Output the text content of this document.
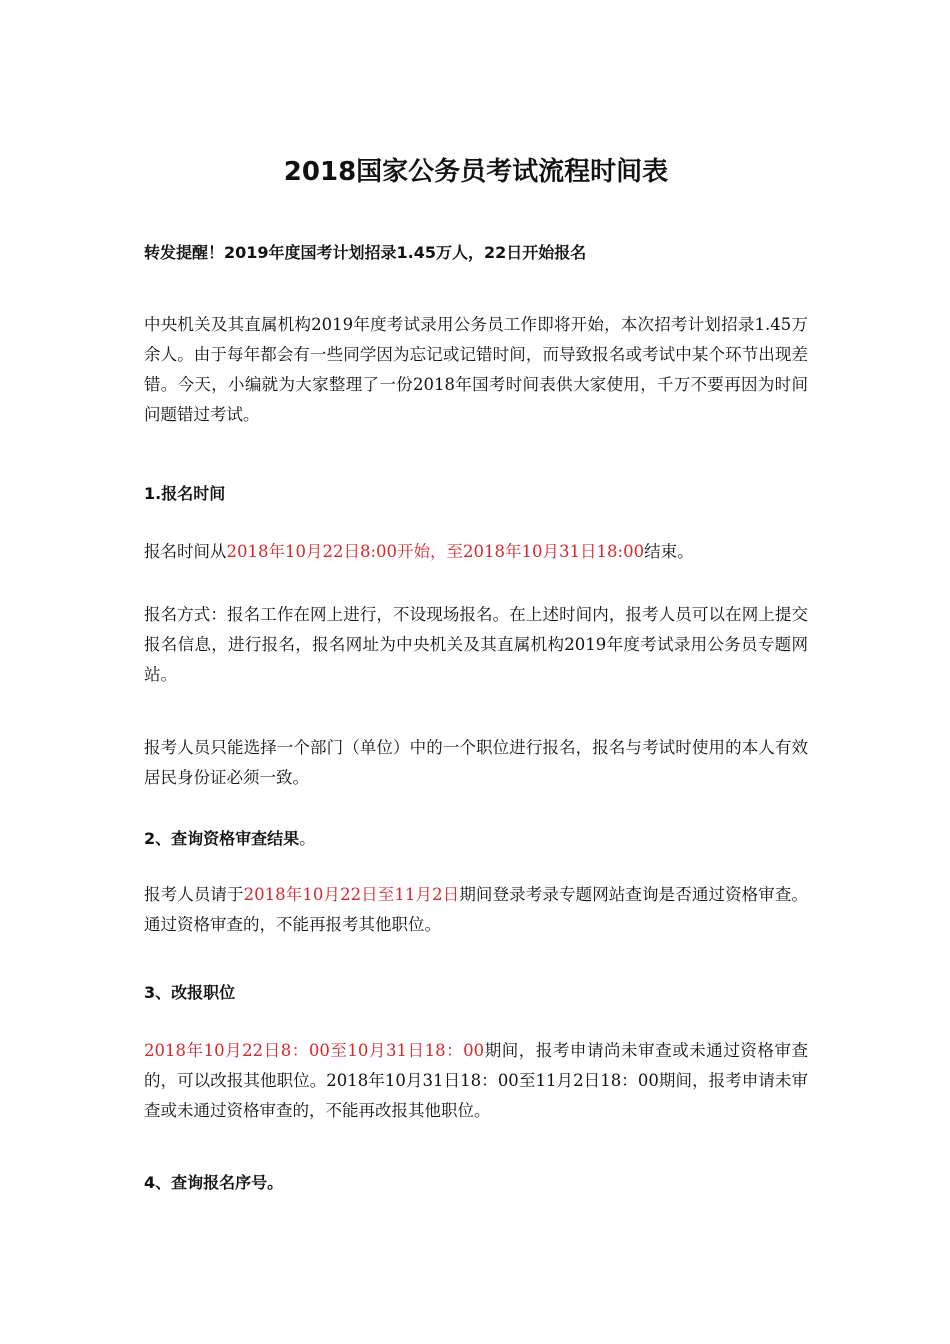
2018国家公务员考试流程时间表

转发提醒！2019年度国考计划招录1.45万人，22日开始报名

中央机关及其直属机构2019年度考试录用公务员工作即将开始，本次招考计划招录1.45万余人。由于每年都会有一些同学因为忘记或记错时间，而导致报名或考试中某个环节出现差错。今天，小编就为大家整理了一份2018年国考时间表供大家使用，千万不要再因为时间问题错过考试。

1.报名时间

报名时间从2018年10月22日8:00开始，至2018年10月31日18:00结束。

报名方式：报名工作在网上进行，不设现场报名。在上述时间内，报考人员可以在网上提交报名信息，进行报名，报名网址为中央机关及其直属机构2019年度考试录用公务员专题网站。

报考人员只能选择一个部门（单位）中的一个职位进行报名，报名与考试时使用的本人有效居民身份证必须一致。

2、查询资格审查结果。

报考人员请于2018年10月22日至11月2日期间登录考录专题网站查询是否通过资格审查。通过资格审查的，不能再报考其他职位。

3、改报职位

2018年10月22日8：00至10月31日18：00期间，报考申请尚未审查或未通过资格审查的，可以改报其他职位。2018年10月31日18：00至11月2日18：00期间，报考申请未审查或未通过资格审查的，不能再改报其他职位。

4、查询报名序号。
